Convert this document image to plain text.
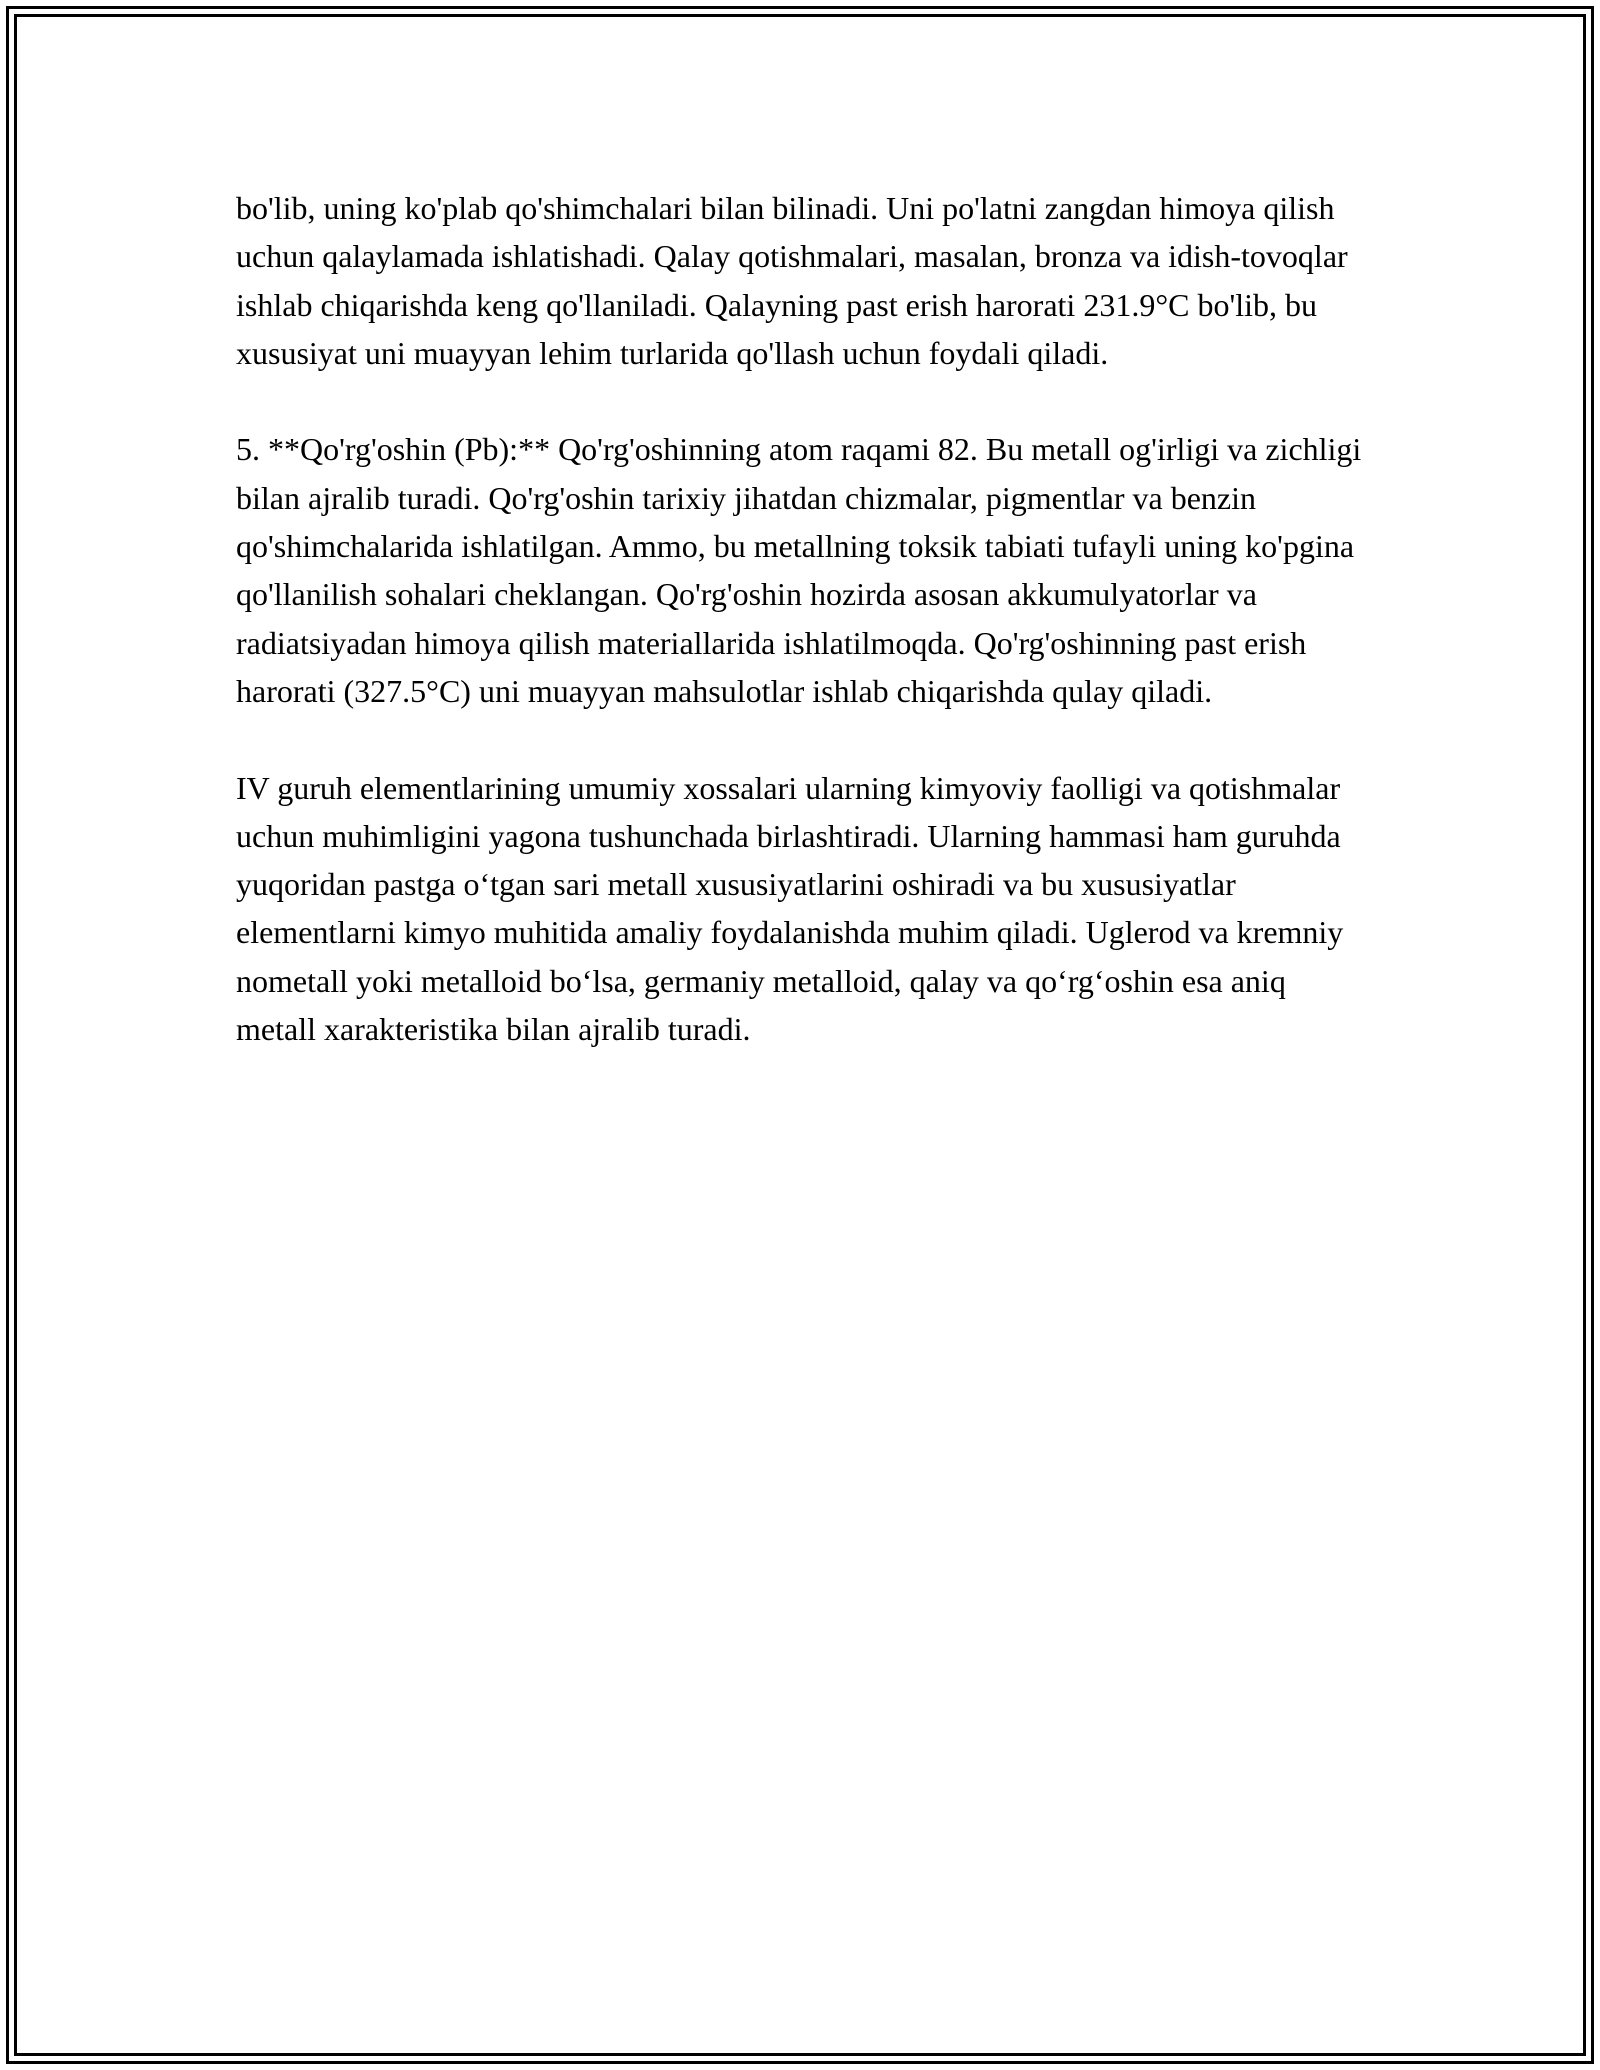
bo'lib, uning ko'plab qo'shimchalari bilan bilinadi. Uni po'latni zangdan himoya qilish uchun qalaylamada ishlatishadi. Qalay qotishmalari, masalan, bronza va idish-tovoqlar ishlab chiqarishda keng qo'llaniladi. Qalayning past erish harorati 231.9°C bo'lib, bu xususiyat uni muayyan lehim turlarida qo'llash uchun foydali qiladi.

5. **Qo'rg'oshin (Pb):** Qo'rg'oshinning atom raqami 82. Bu metall og'irligi va zichligi bilan ajralib turadi. Qo'rg'oshin tarixiy jihatdan chizmalar, pigmentlar va benzin qo'shimchalarida ishlatilgan. Ammo, bu metallning toksik tabiati tufayli uning ko'pgina qo'llanilish sohalari cheklangan. Qo'rg'oshin hozirda asosan akkumulyatorlar va radiatsiyadan himoya qilish materiallarida ishlatilmoqda. Qo'rg'oshinning past erish harorati (327.5°C) uni muayyan mahsulotlar ishlab chiqarishda qulay qiladi.

IV guruh elementlarining umumiy xossalari ularning kimyoviy faolligi va qotishmalar uchun muhimligini yagona tushunchada birlashtiradi. Ularning hammasi ham guruhda yuqoridan pastga o‘tgan sari metall xususiyatlarini oshiradi va bu xususiyatlar elementlarni kimyo muhitida amaliy foydalanishda muhim qiladi. Uglerod va kremniy nometall yoki metalloid bo‘lsa, germaniy metalloid, qalay va qo‘rg‘oshin esa aniq metall xarakteristika bilan ajralib turadi.
